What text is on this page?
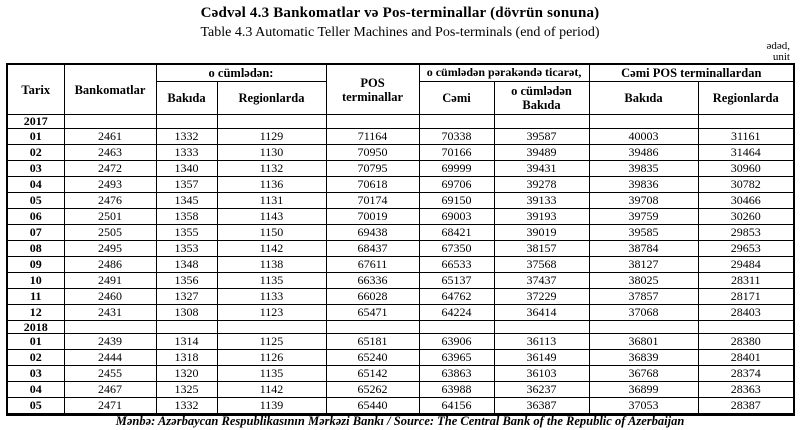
Cədvəl 4.3 Bankomatlar və Pos-terminallar (dövrün sonuna)
Table 4.3 Automatic Teller Machines and Pos-terminals (end of period)
ədəd,
unit
Tarix	Bankomatlar	o cümlədən:		POS terminallar	o cümlədən pərakəndə ticarət,		Cəmi POS terminallardan	
		Bakıda	Regionlarda		Cəmi	o cümlədən Bakıda	Bakıda	Regionlarda
2017								
01	2461	1332	1129	71164	70338	39587	40003	31161
02	2463	1333	1130	70950	70166	39489	39486	31464
03	2472	1340	1132	70795	69999	39431	39835	30960
04	2493	1357	1136	70618	69706	39278	39836	30782
05	2476	1345	1131	70174	69150	39133	39708	30466
06	2501	1358	1143	70019	69003	39193	39759	30260
07	2505	1355	1150	69438	68421	39019	39585	29853
08	2495	1353	1142	68437	67350	38157	38784	29653
09	2486	1348	1138	67611	66533	37568	38127	29484
10	2491	1356	1135	66336	65137	37437	38025	28311
11	2460	1327	1133	66028	64762	37229	37857	28171
12	2431	1308	1123	65471	64224	36414	37068	28403
2018								
01	2439	1314	1125	65181	63906	36113	36801	28380
02	2444	1318	1126	65240	63965	36149	36839	28401
03	2455	1320	1135	65142	63863	36103	36768	28374
04	2467	1325	1142	65262	63988	36237	36899	28363
05	2471	1332	1139	65440	64156	36387	37053	28387
Mənbə: Azərbaycan Respublikasının Mərkəzi Bankı / Source: The Central Bank of the Republic of Azerbaijan
